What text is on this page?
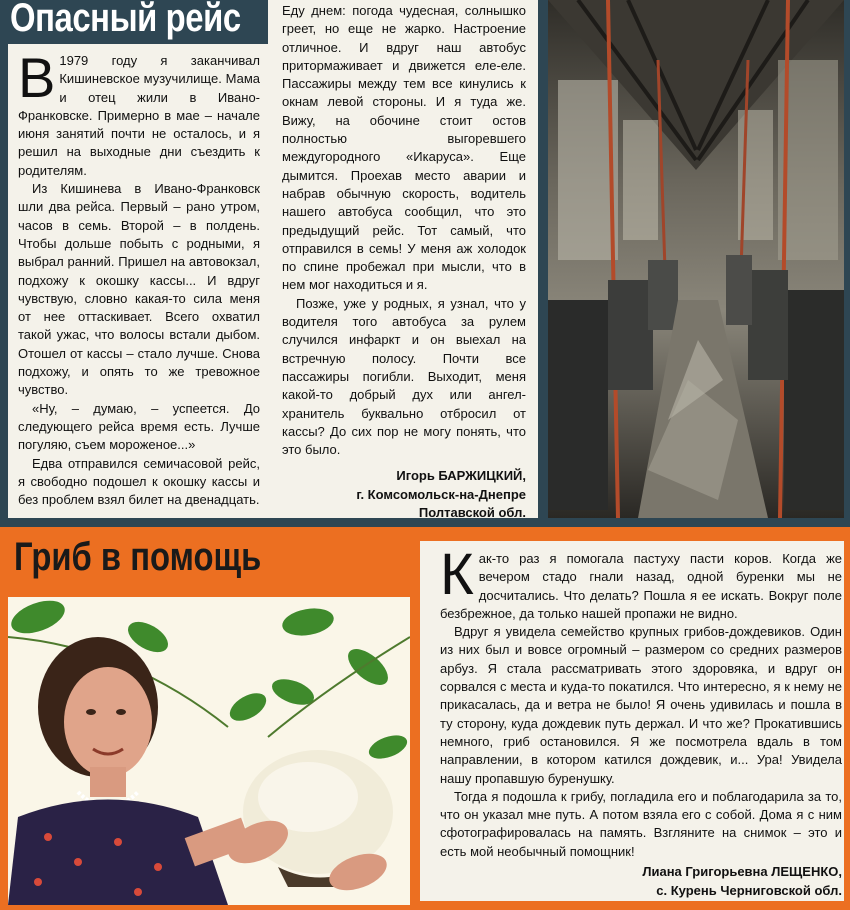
Опасный рейс

В 1979 году я заканчивал Кишиневское музучилище. Мама и отец жили в Ивано-Франковске. Примерно в мае – начале июня занятий почти не осталось, и я решил на выходные дни съездить к родителям.

Из Кишинева в Ивано-Франковск шли два рейса. Первый – рано утром, часов в семь. Второй – в полдень. Чтобы дольше побыть с родными, я выбрал ранний. Пришел на автовокзал, подхожу к окошку кассы... И вдруг чувствую, словно какая-то сила меня от нее оттаскивает. Всего охватил такой ужас, что волосы встали дыбом. Отошел от кассы – стало лучше. Снова подхожу, и опять то же тревожное чувство.

«Ну, – думаю, – успеется. До следующего рейса время есть. Лучше погуляю, съем мороженое...»

Едва отправился семичасовой рейс, я свободно подошел к окошку кассы и без проблем взял билет на двенадцать.

Еду днем: погода чудесная, солнышко греет, но еще не жарко. Настроение отличное. И вдруг наш автобус притормаживает и движется еле-еле. Пассажиры между тем все кинулись к окнам левой стороны. И я туда же. Вижу, на обочине стоит остов полностью выгоревшего междугородного «Икаруса». Еще дымится. Проехав место аварии и набрав обычную скорость, водитель нашего автобуса сообщил, что это предыдущий рейс. Тот самый, что отправился в семь! У меня аж холодок по спине пробежал при мысли, что в нем мог находиться и я.

Позже, уже у родных, я узнал, что у водителя того автобуса за рулем случился инфаркт и он выехал на встречную полосу. Почти все пассажиры погибли. Выходит, меня какой-то добрый дух или ангел-хранитель буквально отбросил от кассы? До сих пор не могу понять, что это было.

Игорь БАРЖИЦКИЙ,
г. Комсомольск-на-Днепре
Полтавской обл.
Гриб в помощь	Как-то раз я помогала пастуху пасти коров. Когда же вечером стадо гнали назад, одной буренки мы не досчитались. Что делать? Пошла я ее искать. Вокруг поле безбрежное, да только нашей пропажи не видно.

Вдруг я увидела семейство крупных грибов-дождевиков. Один из них был и вовсе огромный – размером со средних размеров арбуз. Я стала рассматривать этого здоровяка, и вдруг он сорвался с места и куда-то покатился. Что интересно, я к нему не прикасалась, да и ветра не было! Я очень удивилась и пошла в ту сторону, куда дождевик путь держал. И что же? Прокатившись немного, гриб остановился. Я же посмотрела вдаль в том направлении, в котором катился дождевик, и... Ура! Увидела нашу пропавшую буренушку.

Тогда я подошла к грибу, погладила его и поблагодарила за то, что он указал мне путь. А потом взяла его с собой. Дома я с ним сфотографировалась на память. Взгляните на снимок – это и есть мой необычный помощник!

Лиана Григорьевна ЛЕЩЕНКО,
с. Курень Черниговской обл.
